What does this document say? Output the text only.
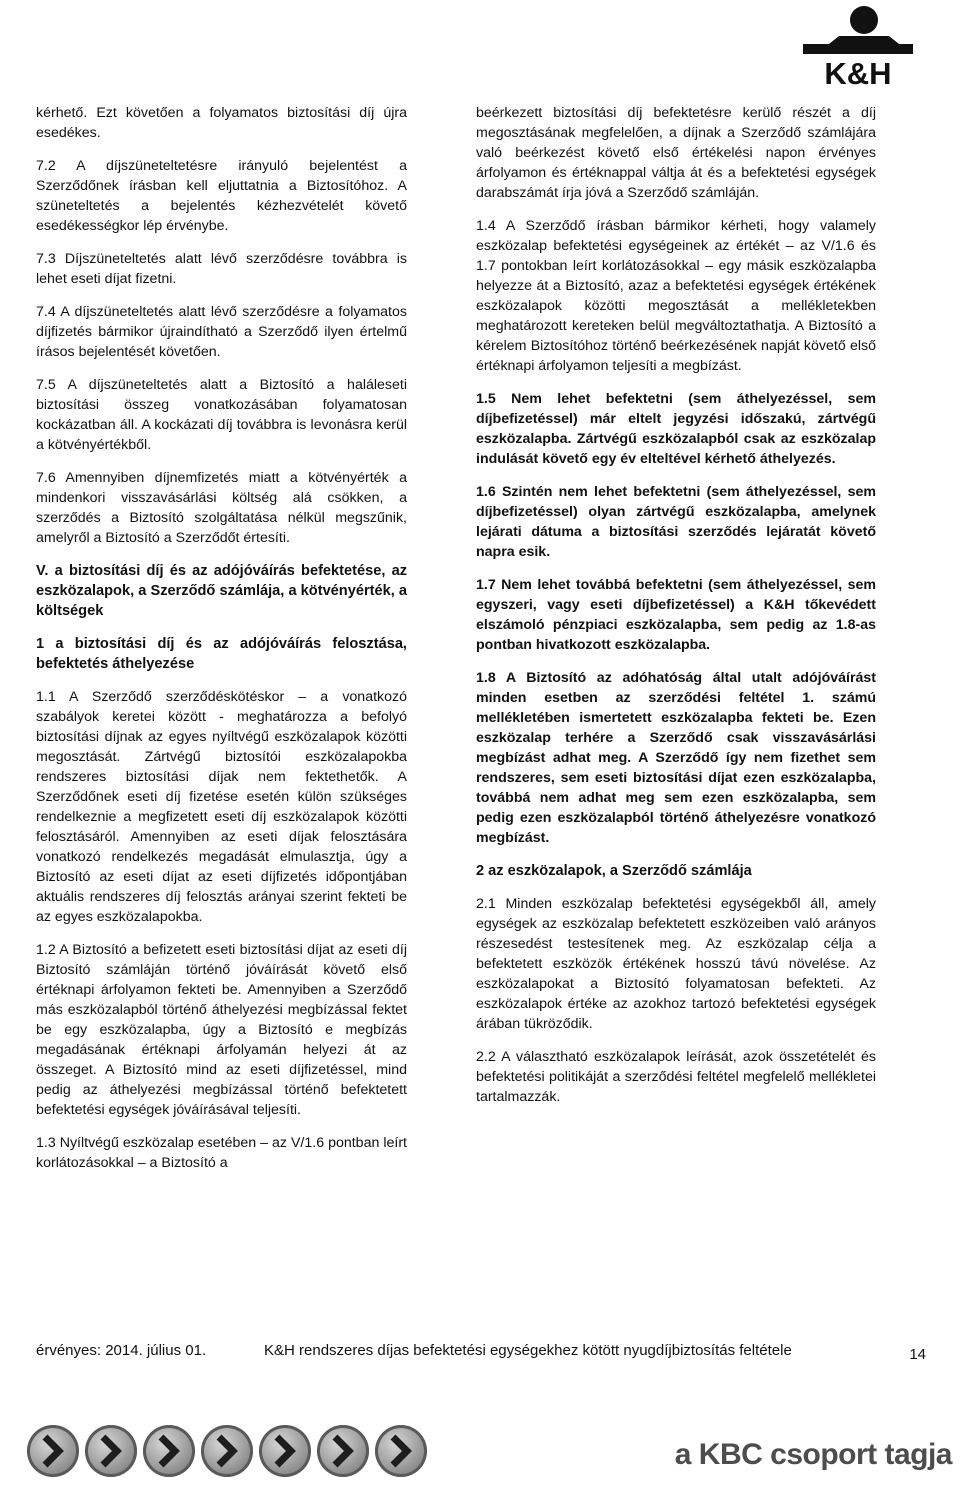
K&H

kérhető. Ezt követően a folyamatos biztosítási díj újra esedékes.

7.2 A díjszüneteltetésre irányuló bejelentést a Szerződőnek írásban kell eljuttatnia a Biztosítóhoz. A szüneteltetés a bejelentés kézhezvételét követő esedékességkor lép érvénybe.

7.3 Díjszüneteltetés alatt lévő szerződésre továbbra is lehet eseti díjat fizetni.

7.4 A díjszüneteltetés alatt lévő szerződésre a folyamatos díjfizetés bármikor újraindítható a Szerződő ilyen értelmű írásos bejelentését követően.

7.5 A díjszüneteltetés alatt a Biztosító a haláleseti biztosítási összeg vonatkozásában folyamatosan kockázatban áll. A kockázati díj továbbra is levonásra kerül a kötvényértékből.

7.6 Amennyiben díjnemfizetés miatt a kötvényérték a mindenkori visszavásárlási költség alá csökken, a szerződés a Biztosító szolgáltatása nélkül megszűnik, amelyről a Biztosító a Szerződőt értesíti.

V. a biztosítási díj és az adójóváírás befektetése, az eszközalapok, a Szerződő számlája, a kötvényérték, a költségek

1 a biztosítási díj és az adójóváírás felosztása, befektetés áthelyezése

1.1 A Szerződő szerződéskötéskor – a vonatkozó szabályok keretei között - meghatározza a befolyó biztosítási díjnak az egyes nyíltvégű eszközalapok közötti megosztását. Zártvégű biztosítói eszközalapokba rendszeres biztosítási díjak nem fektethetők. A Szerződőnek eseti díj fizetése esetén külön szükséges rendelkeznie a megfizetett eseti díj eszközalapok közötti felosztásáról. Amennyiben az eseti díjak felosztására vonatkozó rendelkezés megadását elmulasztja, úgy a Biztosító az eseti díjat az eseti díjfizetés időpontjában aktuális rendszeres díj felosztás arányai szerint fekteti be az egyes eszközalapokba.

1.2 A Biztosító a befizetett eseti biztosítási díjat az eseti díj Biztosító számláján történő jóváírását követő első értéknapi árfolyamon fekteti be. Amennyiben a Szerződő más eszközalapból történő áthelyezési megbízással fektet be egy eszközalapba, úgy a Biztosító e megbízás megadásának értéknapi árfolyamán helyezi át az összeget. A Biztosító mind az eseti díjfizetéssel, mind pedig az áthelyezési megbízással történő befektetett befektetési egységek jóváírásával teljesíti.

1.3 Nyíltvégű eszközalap esetében – az V/1.6 pontban leírt korlátozásokkal – a Biztosító a

beérkezett biztosítási díj befektetésre kerülő részét a díj megosztásának megfelelően, a díjnak a Szerződő számlájára való beérkezést követő első értékelési napon érvényes árfolyamon és értéknappal váltja át és a befektetési egységek darabszámát írja jóvá a Szerződő számláján.

1.4 A Szerződő írásban bármikor kérheti, hogy valamely eszközalap befektetési egységeinek az értékét – az V/1.6 és 1.7 pontokban leírt korlátozásokkal – egy másik eszközalapba helyezze át a Biztosító, azaz a befektetési egységek értékének eszközalapok közötti megosztását a mellékletekben meghatározott kereteken belül megváltoztathatja. A Biztosító a kérelem Biztosítóhoz történő beérkezésének napját követő első értéknapi árfolyamon teljesíti a megbízást.

1.5 Nem lehet befektetni (sem áthelyezéssel, sem díjbefizetéssel) már eltelt jegyzési időszakú, zártvégű eszközalapba. Zártvégű eszközalapból csak az eszközalap indulását követő egy év elteltével kérhető áthelyezés.

1.6 Szintén nem lehet befektetni (sem áthelyezéssel, sem díjbefizetéssel) olyan zártvégű eszközalapba, amelynek lejárati dátuma a biztosítási szerződés lejáratát követő napra esik.

1.7 Nem lehet továbbá befektetni (sem áthelyezéssel, sem egyszeri, vagy eseti díjbefizetéssel) a K&H tőkevédett elszámoló pénzpiaci eszközalapba, sem pedig az 1.8-as pontban hivatkozott eszközalapba.

1.8 A Biztosító az adóhatóság által utalt adójóváírást minden esetben az szerződési feltétel 1. számú mellékletében ismertetett eszközalapba fekteti be. Ezen eszközalap terhére a Szerződő csak visszavásárlási megbízást adhat meg. A Szerződő így nem fizethet sem rendszeres, sem eseti biztosítási díjat ezen eszközalapba, továbbá nem adhat meg sem ezen eszközalapba, sem pedig ezen eszközalapból történő áthelyezésre vonatkozó megbízást.

2 az eszközalapok, a Szerződő számlája

2.1 Minden eszközalap befektetési egységekből áll, amely egységek az eszközalap befektetett eszközeiben való arányos részesedést testesítenek meg. Az eszközalap célja a befektetett eszközök értékének hosszú távú növelése. Az eszközalapokat a Biztosító folyamatosan befekteti. Az eszközalapok értéke az azokhoz tartozó befektetési egységek árában tükröződik.

2.2 A választható eszközalapok leírását, azok összetételét és befektetési politikáját a szerződési feltétel megfelelő mellékletei tartalmazzák.

érvényes: 2014. július 01.	K&H rendszeres díjas befektetési egységekhez kötött nyugdíjbiztosítás feltétele	14
a KBC csoport tagja
